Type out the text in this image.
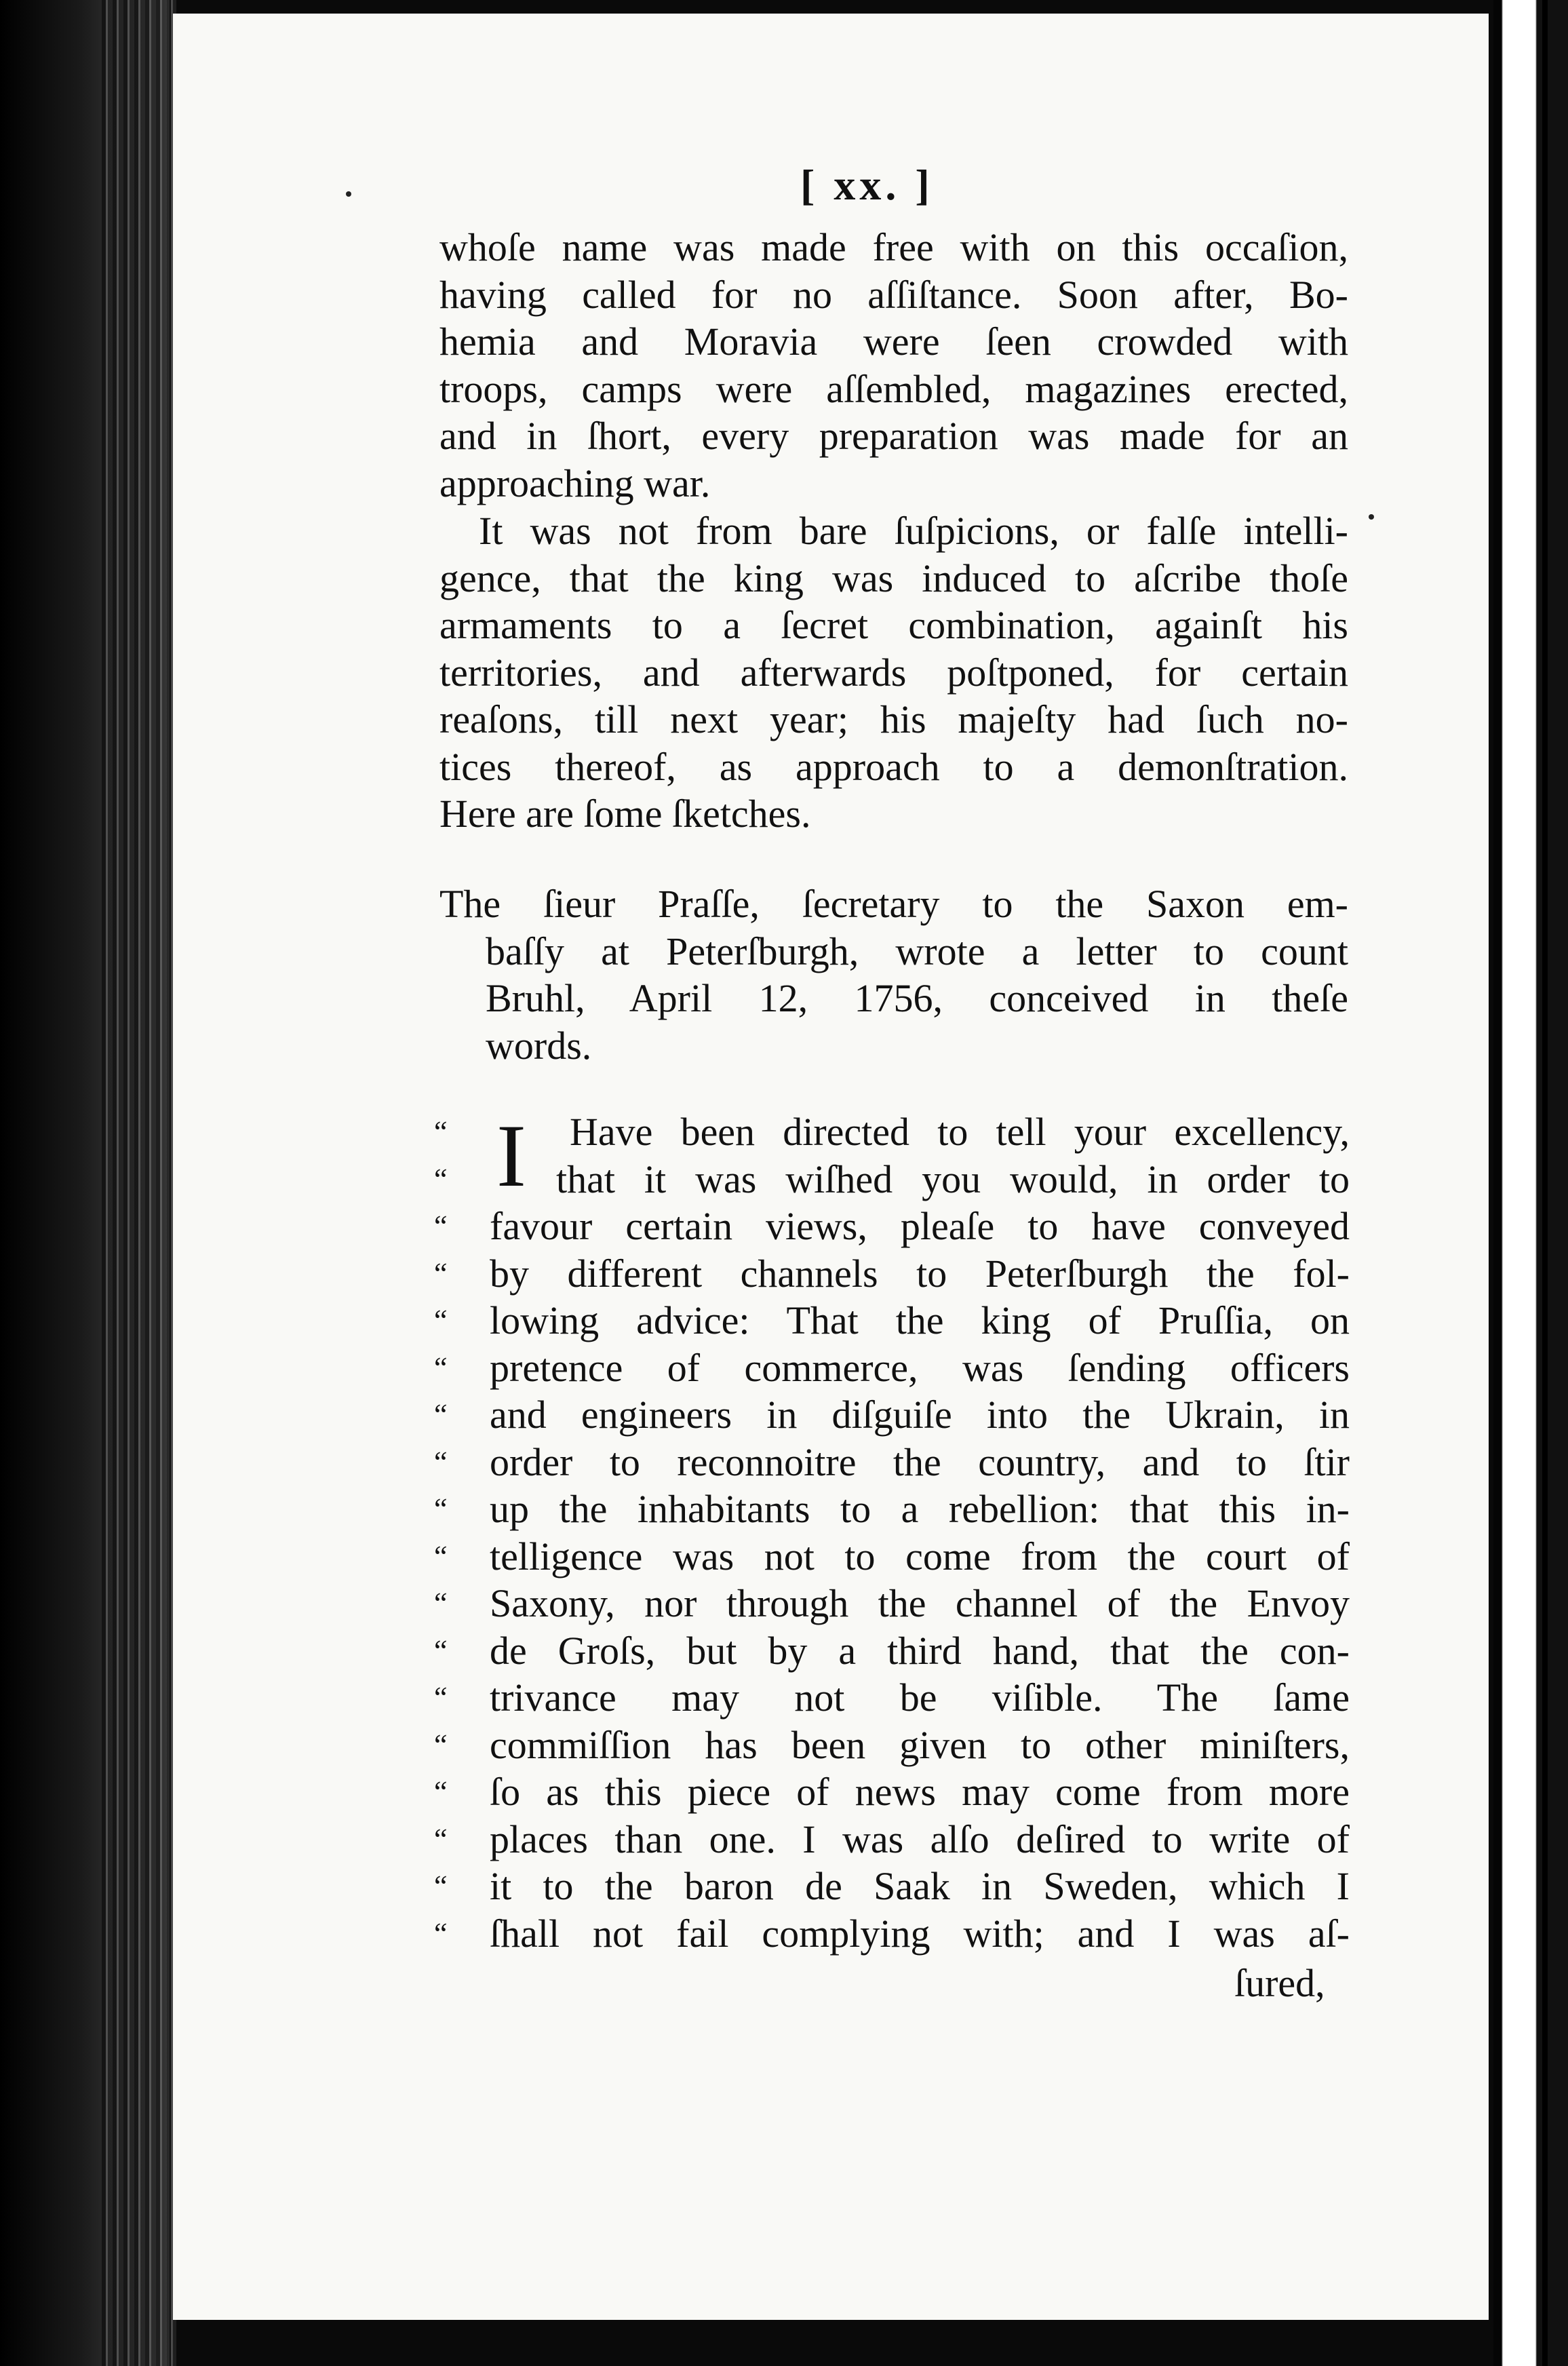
[ xx. ]
whoſe name was made free with on this occaſion,
having called for no aſſiſtance. Soon after, Bo-
hemia and Moravia were ſeen crowded with
troops, camps were aſſembled, magazines erected,
and in ſhort, every preparation was made for an
approaching war.
It was not from bare ſuſpicions, or falſe intelli-
gence, that the king was induced to aſcribe thoſe
armaments to a ſecret combination, againſt his
territories, and afterwards poſtponed, for certain
reaſons, till next year; his majeſty had ſuch no-
tices thereof, as approach to a demonſtration.
Here are ſome ſketches.
The ſieur Praſſe, ſecretary to the Saxon em-
baſſy at Peterſburgh, wrote a letter to count
Bruhl, April 12, 1756, conceived in theſe
words.
I
“	Have been directed to tell your excellency,
“	that it was wiſhed you would, in order to
“	favour certain views, pleaſe to have conveyed
“	by different channels to Peterſburgh the fol-
“	lowing advice: That the king of Pruſſia, on
“	pretence of commerce, was ſending officers
“	and engineers in diſguiſe into the Ukrain, in
“	order to reconnoitre the country, and to ſtir
“	up the inhabitants to a rebellion: that this in-
“	telligence was not to come from the court of
“	Saxony, nor through the channel of the Envoy
“	de Groſs, but by a third hand, that the con-
“	trivance may not be viſible. The ſame
“	commiſſion has been given to other miniſters,
“	ſo as this piece of news may come from more
“	places than one. I was alſo deſired to write of
“	it to the baron de Saak in Sweden, which I
“	ſhall not fail complying with; and I was aſ-
ſured,
